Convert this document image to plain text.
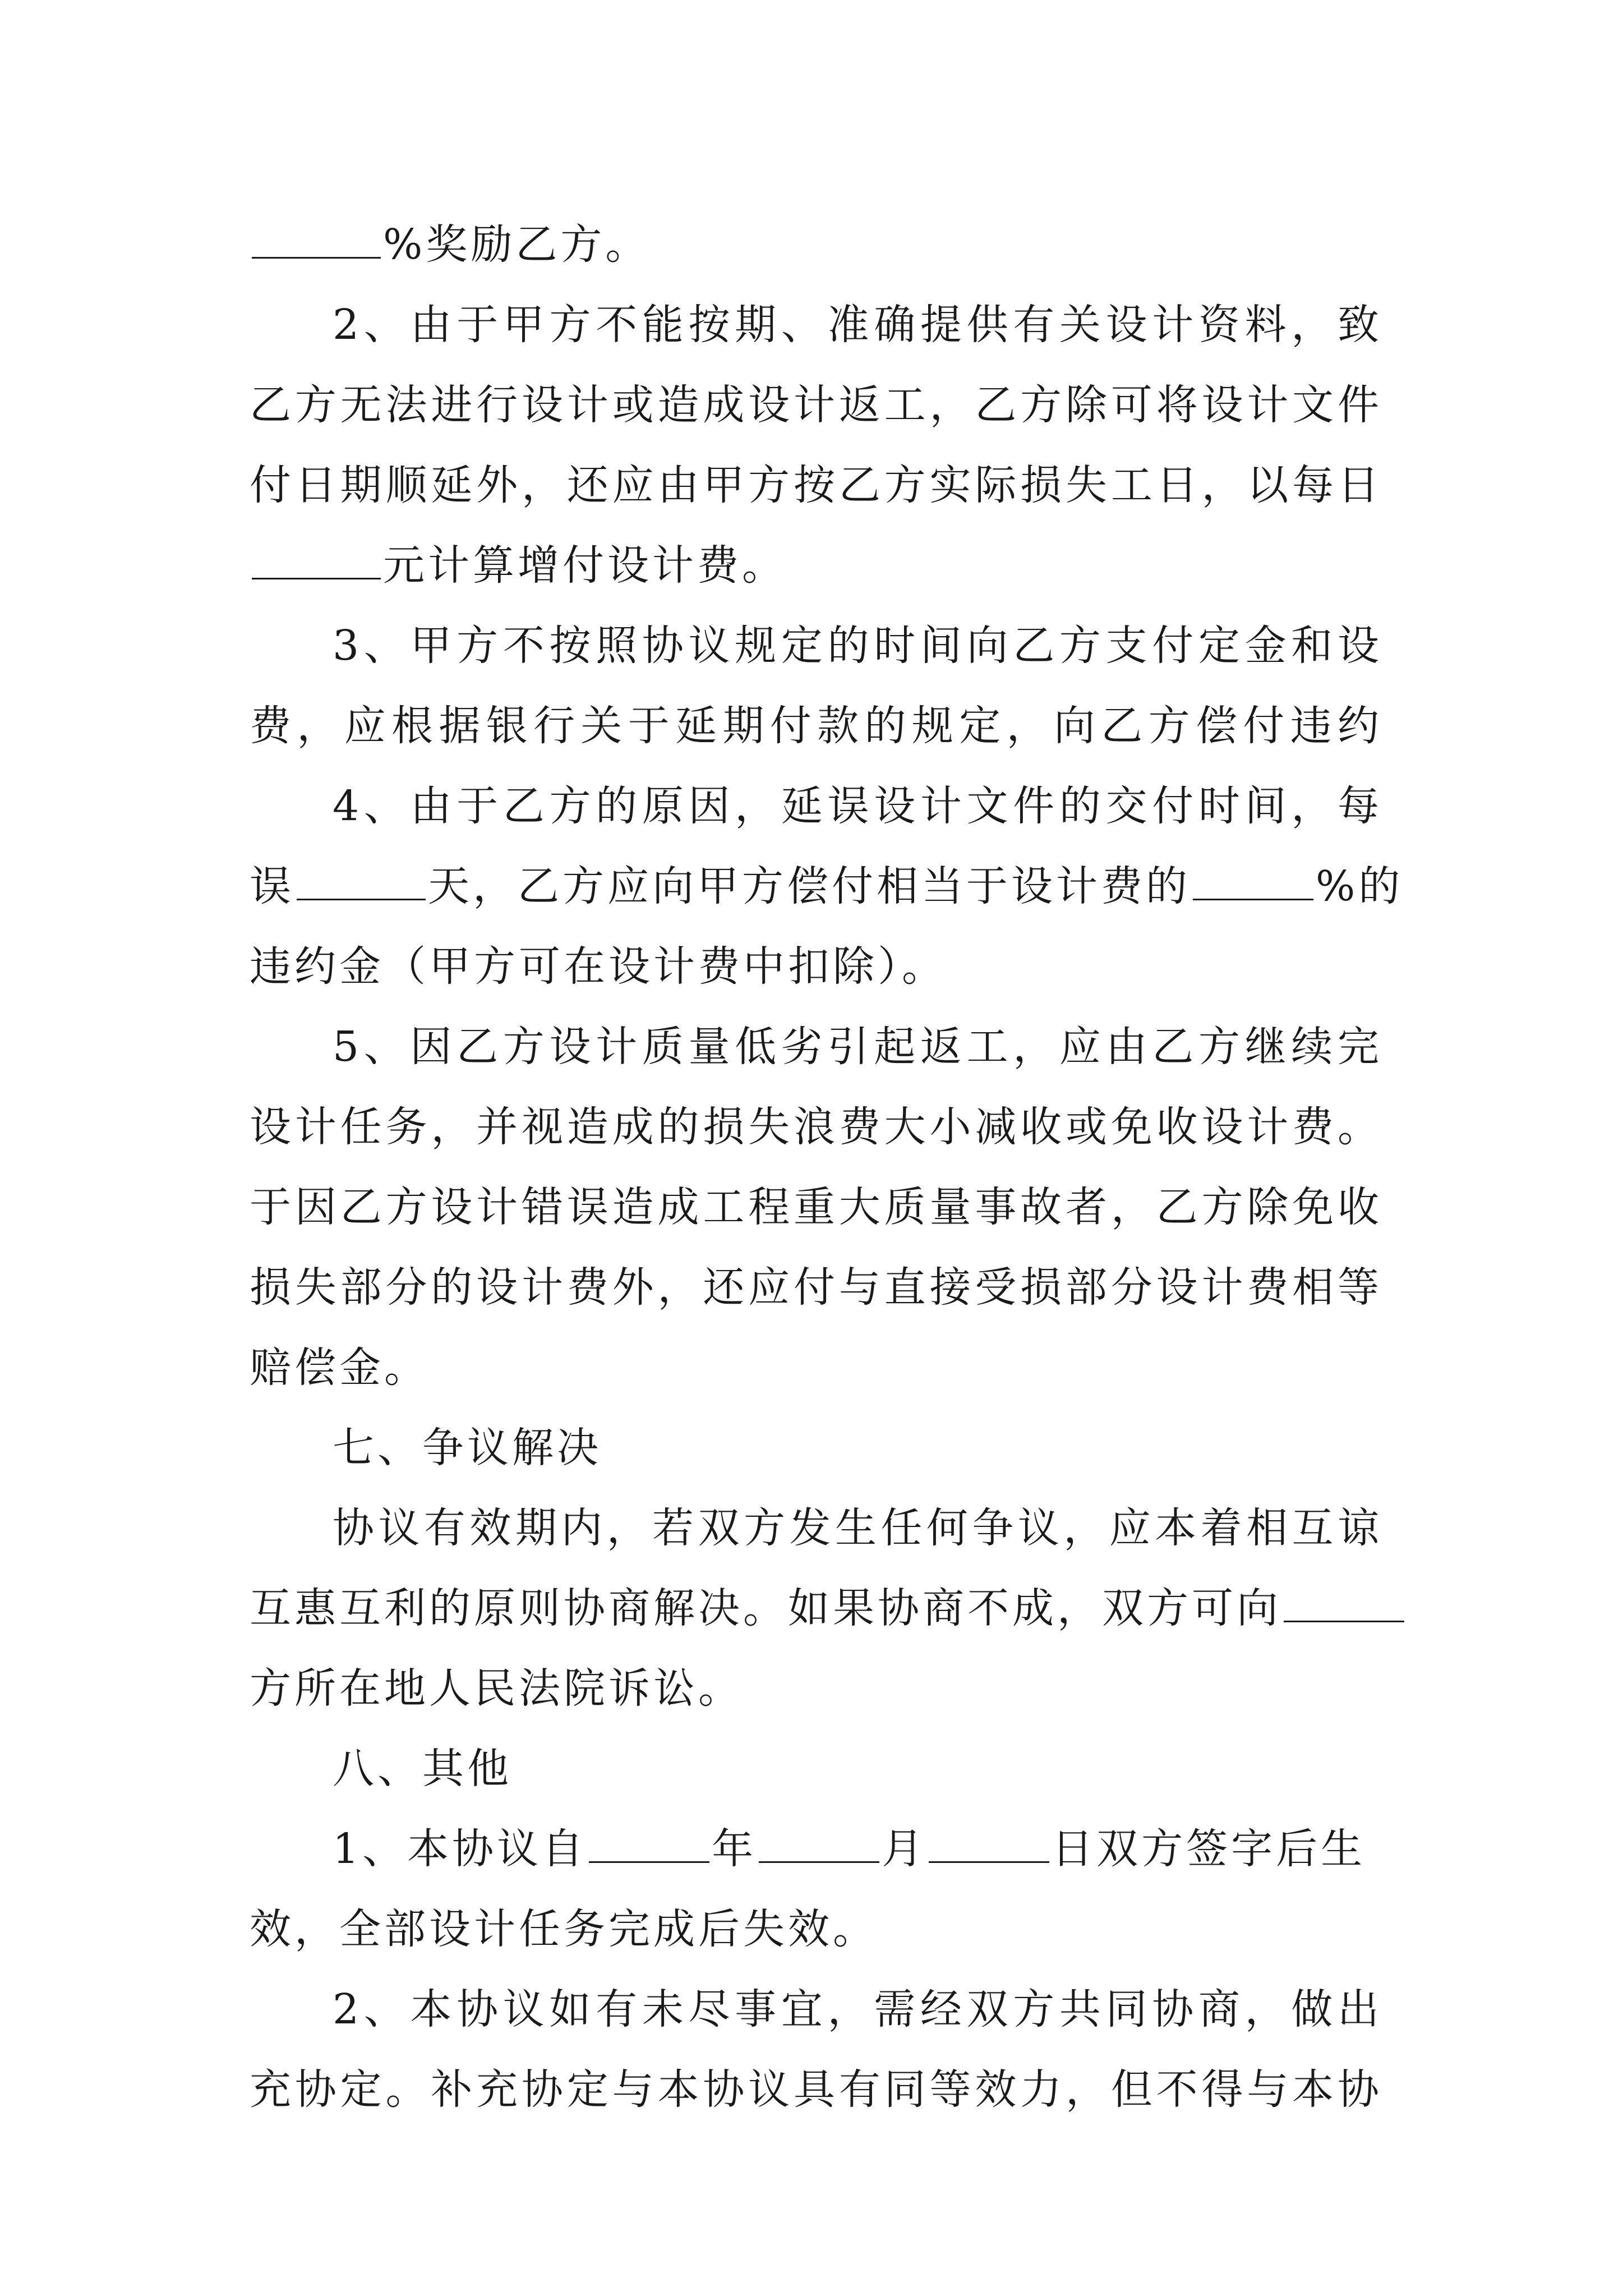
%奖励乙方。
2、由于甲方不能按期、准确提供有关设计资料，致
乙方无法进行设计或造成设计返工，乙方除可将设计文件
付日期顺延外，还应由甲方按乙方实际损失工日，以每日
元计算增付设计费。
3、甲方不按照协议规定的时间向乙方支付定金和设
费，应根据银行关于延期付款的规定，向乙方偿付违约
4、由于乙方的原因，延误设计文件的交付时间，每
误	天，乙方应向甲方偿付相当于设计费的	%的
违约金（甲方可在设计费中扣除）。
5、因乙方设计质量低劣引起返工，应由乙方继续完
设计任务，并视造成的损失浪费大小减收或免收设计费。
于因乙方设计错误造成工程重大质量事故者，乙方除免收
损失部分的设计费外，还应付与直接受损部分设计费相等
赔偿金。
七、争议解决
协议有效期内，若双方发生任何争议，应本着相互谅
互惠互利的原则协商解决。如果协商不成，双方可向
方所在地人民法院诉讼。
八、其他
1、本协议自	年	月	日双方签字后生
效，全部设计任务完成后失效。
2、本协议如有未尽事宜，需经双方共同协商，做出
充协定。补充协定与本协议具有同等效力，但不得与本协
